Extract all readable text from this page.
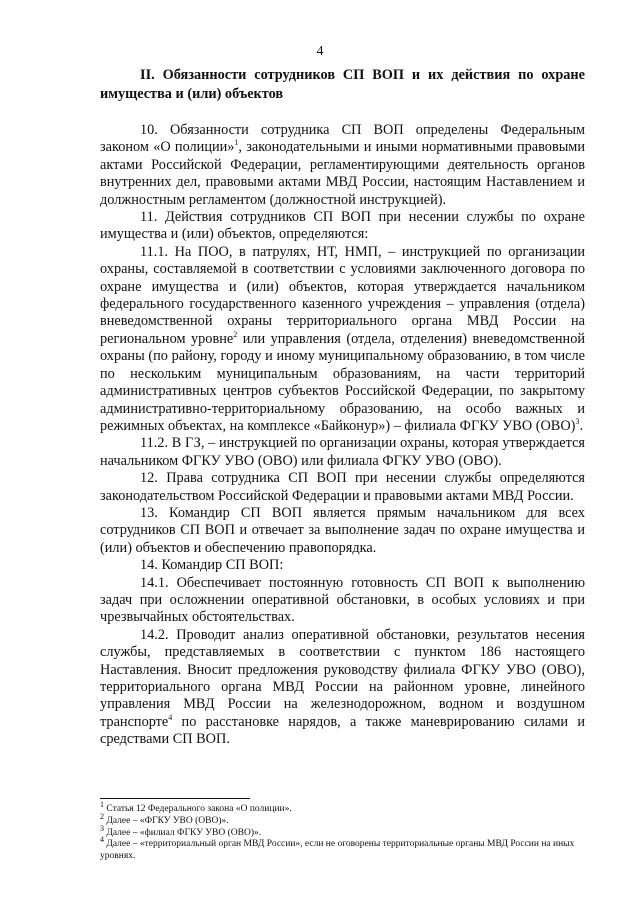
4

II. Обязанности сотрудников СП ВОП и их действия по охране имущества и (или) объектов

10. Обязанности сотрудника СП ВОП определены Федеральным законом «О полиции»$^1$, законодательными и иными нормативными правовыми актами Российской Федерации, регламентирующими деятельность органов внутренних дел, правовыми актами МВД России, настоящим Наставлением и должностным регламентом (должностной инструкцией).

11. Действия сотрудников СП ВОП при несении службы по охране имущества и (или) объектов, определяются:

11.1. На ПОО, в патрулях, НТ, НМП, – инструкцией по организации охраны, составляемой в соответствии с условиями заключенного договора по охране имущества и (или) объектов, которая утверждается начальником федерального государственного казенного учреждения – управления (отдела) вневедомственной охраны территориального органа МВД России на региональном уровне$^2$ или управления (отдела, отделения) вневедомственной охраны (по району, городу и иному муниципальному образованию, в том числе по нескольким муниципальным образованиям, на части территорий административных центров субъектов Российской Федерации, по закрытому административно-территориальному образованию, на особо важных и режимных объектах, на комплексе «Байконур») – филиала ФГКУ УВО (ОВО)$^3$.

11.2. В ГЗ, – инструкцией по организации охраны, которая утверждается начальником ФГКУ УВО (ОВО) или филиала ФГКУ УВО (ОВО).

12. Права сотрудника СП ВОП при несении службы определяются законодательством Российской Федерации и правовыми актами МВД России.

13. Командир СП ВОП является прямым начальником для всех сотрудников СП ВОП и отвечает за выполнение задач по охране имущества и (или) объектов и обеспечению правопорядка.

14. Командир СП ВОП:

14.1. Обеспечивает постоянную готовность СП ВОП к выполнению задач при осложнении оперативной обстановки, в особых условиях и при чрезвычайных обстоятельствах.

14.2. Проводит анализ оперативной обстановки, результатов несения службы, представляемых в соответствии с пунктом 186 настоящего Наставления. Вносит предложения руководству филиала ФГКУ УВО (ОВО), территориального органа МВД России на районном уровне, линейного управления МВД России на железнодорожном, водном и воздушном транспорте$^4$ по расстановке нарядов, а также маневрированию силами и средствами СП ВОП.

$^1$ Статья 12 Федерального закона «О полиции».

$^2$ Далее – «ФГКУ УВО (ОВО)».

$^3$ Далее – «филиал ФГКУ УВО (ОВО)».

$^4$ Далее – «территориальный орган МВД России», если не оговорены территориальные органы МВД России на иных уровнях.
